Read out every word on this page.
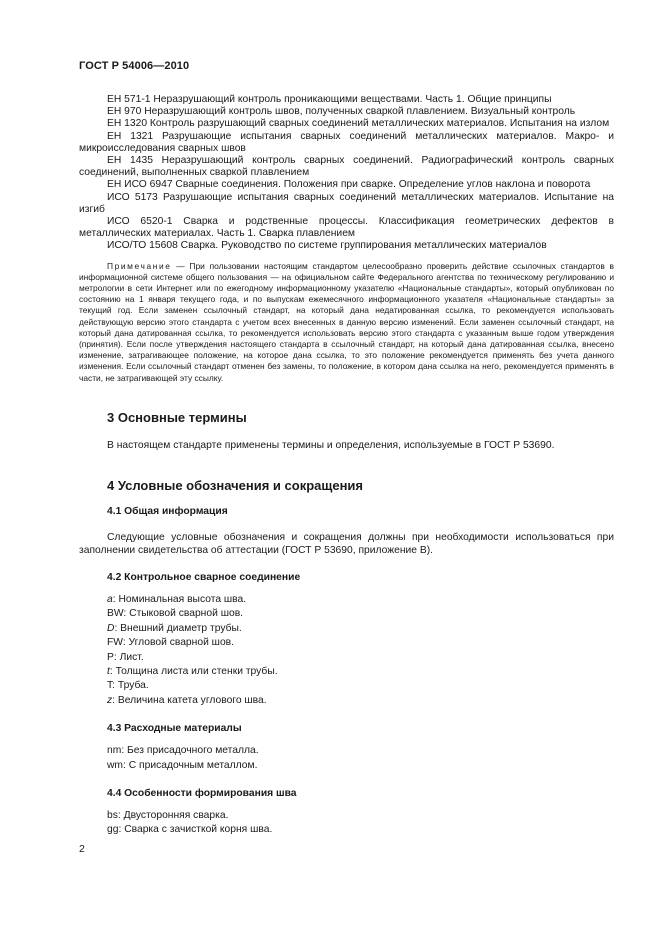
ГОСТ Р 54006—2010
ЕН 571-1 Неразрушающий контроль проникающими веществами. Часть 1. Общие принципы
ЕН 970 Неразрушающий контроль швов, полученных сваркой плавлением. Визуальный контроль
ЕН 1320 Контроль разрушающий сварных соединений металлических материалов. Испытания на излом
ЕН 1321 Разрушающие испытания сварных соединений металлических материалов. Макро- и микроисследования сварных швов
ЕН 1435 Неразрушающий контроль сварных соединений. Радиографический контроль сварных соединений, выполненных сваркой плавлением
ЕН ИСО 6947 Сварные соединения. Положения при сварке. Определение углов наклона и поворота
ИСО 5173 Разрушающие испытания сварных соединений металлических материалов. Испытание на изгиб
ИСО 6520-1 Сварка и родственные процессы. Классификация геометрических дефектов в металлических материалах. Часть 1. Сварка плавлением
ИСО/ТО 15608 Сварка. Руководство по системе группирования металлических материалов
Примечание — При пользовании настоящим стандартом целесообразно проверить действие ссылочных стандартов в информационной системе общего пользования — на официальном сайте Федерального агентства по техническому регулированию и метрологии в сети Интернет или по ежегодному информационному указателю «Национальные стандарты», который опубликован по состоянию на 1 января текущего года, и по выпускам ежемесячного информационного указателя «Национальные стандарты» за текущий год. Если заменен ссылочный стандарт, на который дана недатированная ссылка, то рекомендуется использовать действующую версию этого стандарта с учетом всех внесенных в данную версию изменений. Если заменен ссылочный стандарт, на который дана датированная ссылка, то рекомендуется использовать версию этого стандарта с указанным выше годом утверждения (принятия). Если после утверждения настоящего стандарта в ссылочный стандарт, на который дана датированная ссылка, внесено изменение, затрагивающее положение, на которое дана ссылка, то это положение рекомендуется применять без учета данного изменения. Если ссылочный стандарт отменен без замены, то положение, в котором дана ссылка на него, рекомендуется применять в части, не затрагивающей эту ссылку.
3 Основные термины
В настоящем стандарте применены термины и определения, используемые в ГОСТ Р 53690.
4 Условные обозначения и сокращения
4.1 Общая информация
Следующие условные обозначения и сокращения должны при необходимости использоваться при заполнении свидетельства об аттестации (ГОСТ Р 53690, приложение В).
4.2 Контрольное сварное соединение
a: Номинальная высота шва.
BW: Стыковой сварной шов.
D: Внешний диаметр трубы.
FW: Угловой сварной шов.
P: Лист.
t: Толщина листа или стенки трубы.
T: Труба.
z: Величина катета углового шва.
4.3 Расходные материалы
nm: Без присадочного металла.
wm: С присадочным металлом.
4.4 Особенности формирования шва
bs: Двусторонняя сварка.
gg: Сварка с зачисткой корня шва.
2
